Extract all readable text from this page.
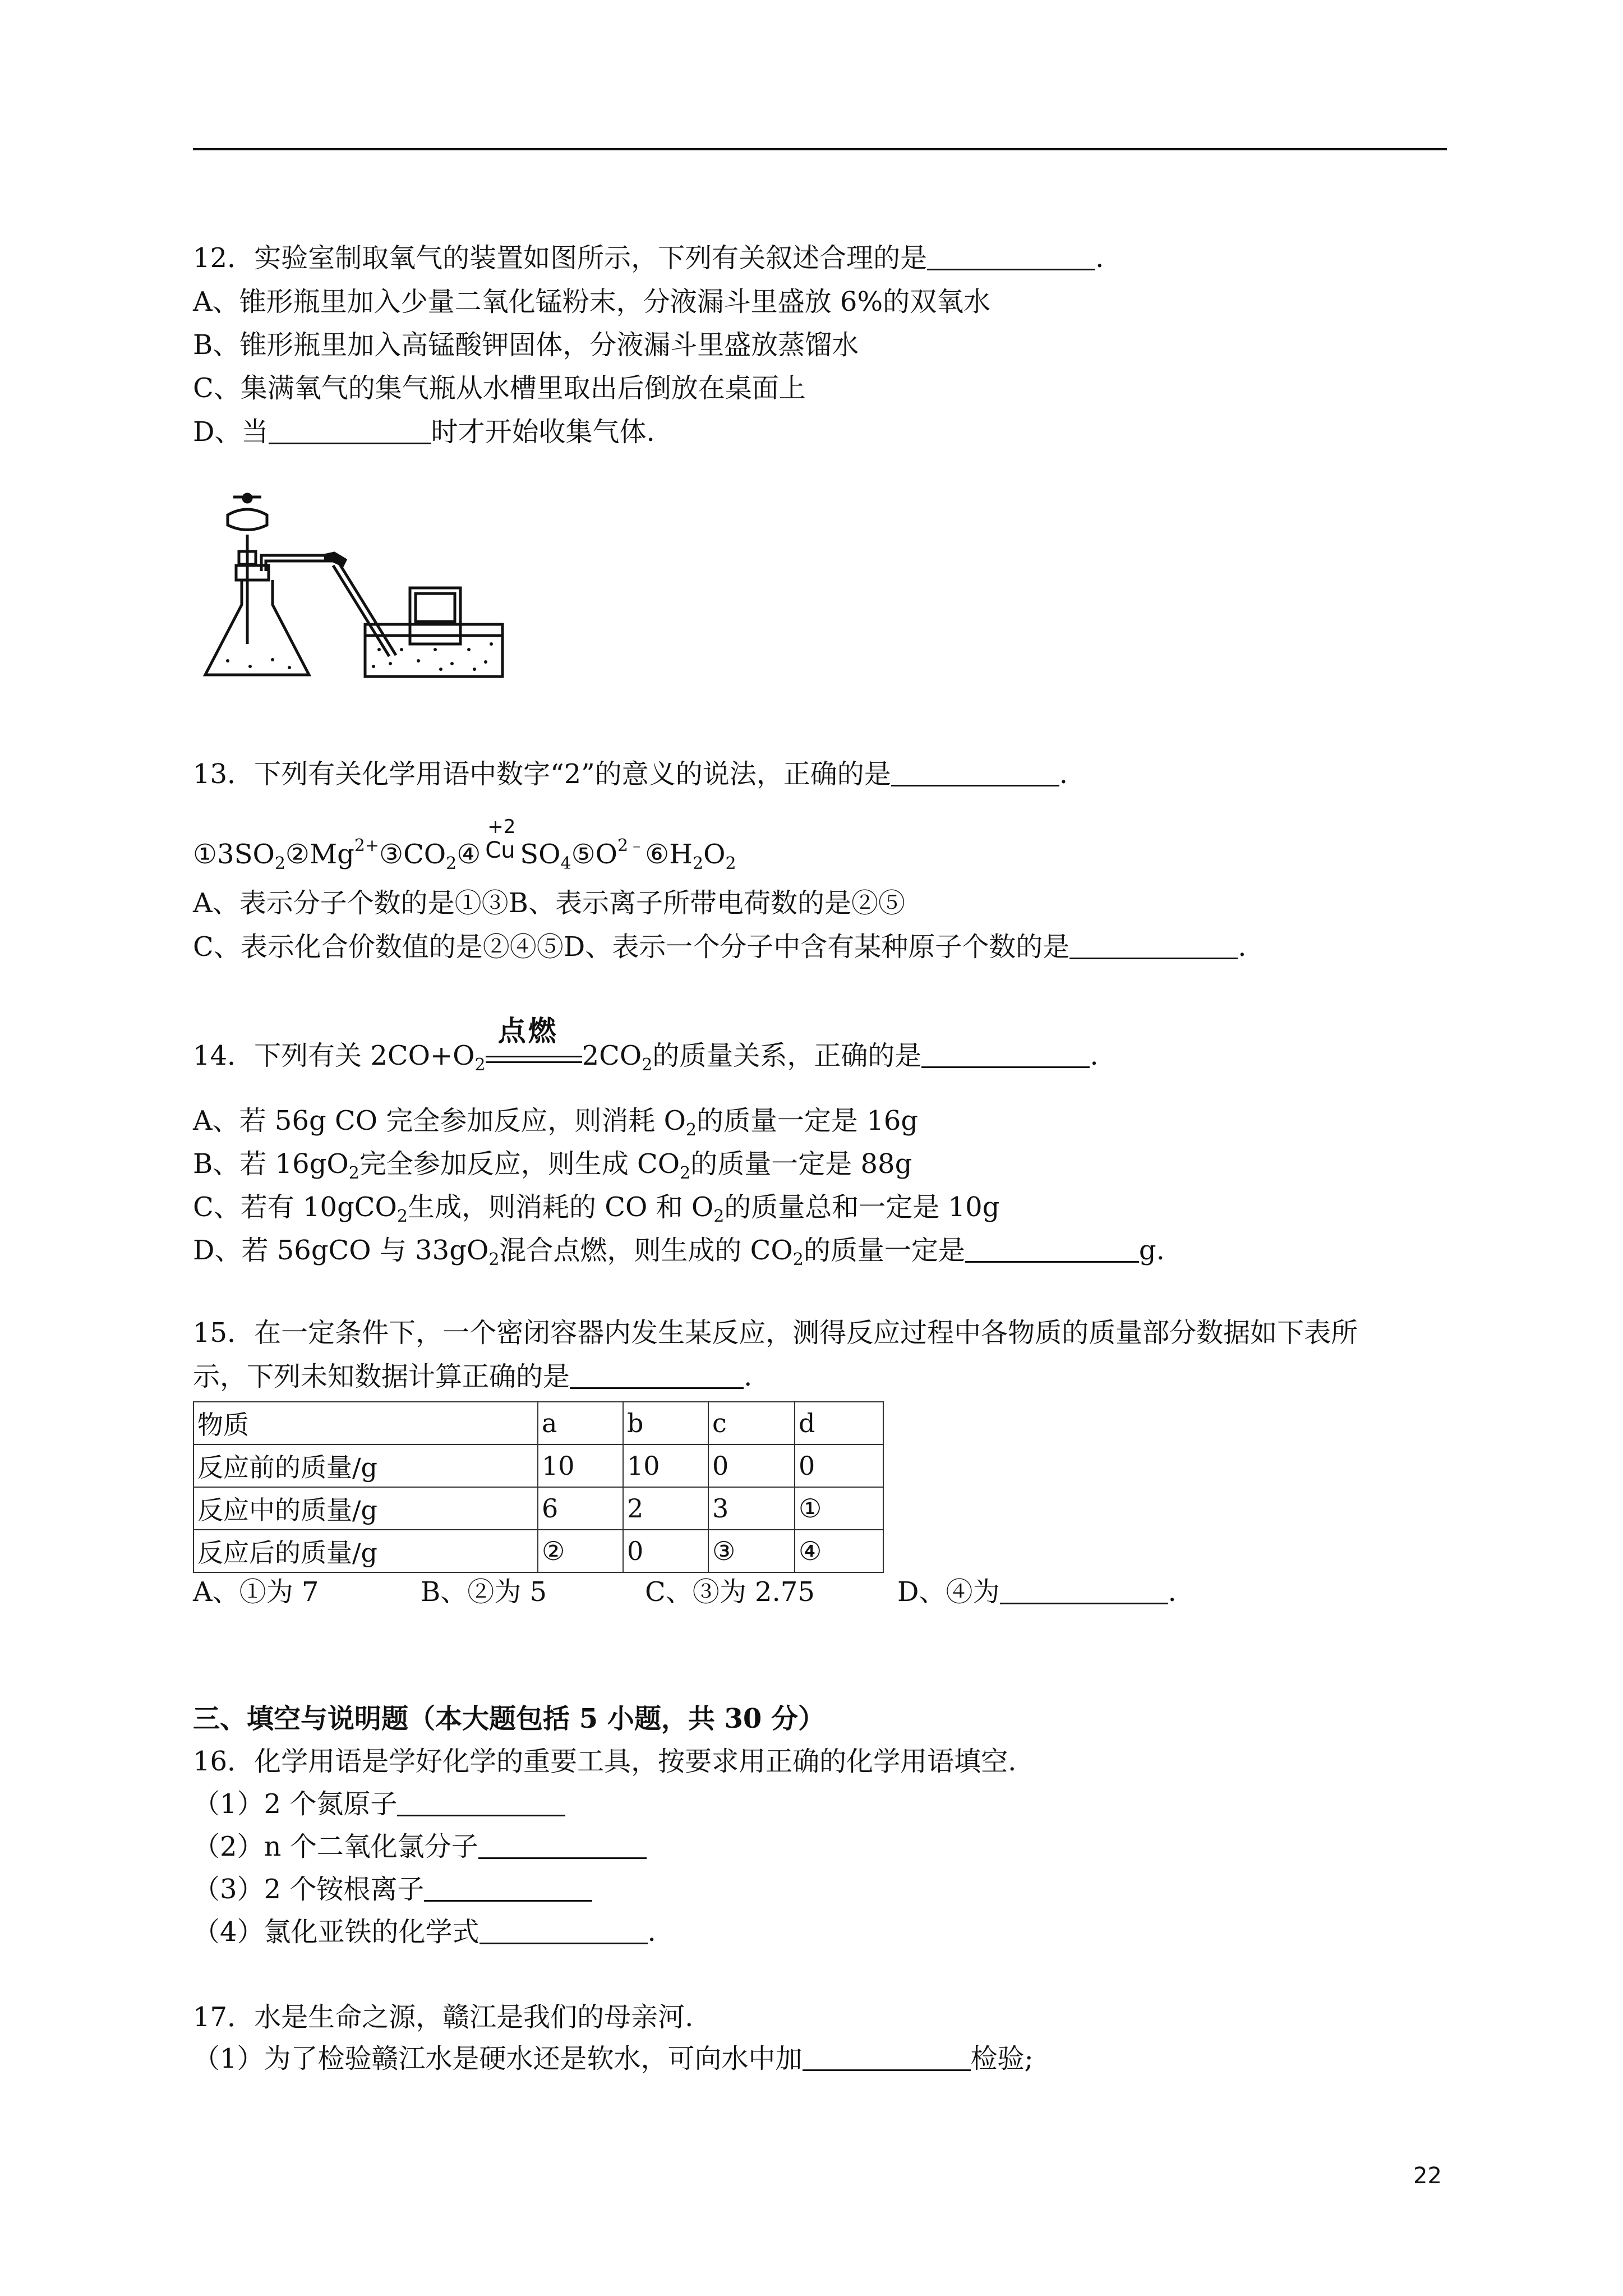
12．实验室制取氧气的装置如图所示，下列有关叙述合理的是	.
A、锥形瓶里加入少量二氧化锰粉末，分液漏斗里盛放 6%的双氧水
B、锥形瓶里加入高锰酸钾固体，分液漏斗里盛放蒸馏水
C、集满氧气的集气瓶从水槽里取出后倒放在桌面上
D、当	时才开始收集气体.
13．下列有关化学用语中数字“2”的意义的说法，正确的是	.
$①3SO_2②Mg^{2+}③CO_2④$
+2
Cu $SO_4⑤O^{2﹣}⑥H_2O_2$
A、表示分子个数的是①③B、表示离子所带电荷数的是②⑤
C、表示化合价数值的是②④⑤D、表示一个分子中含有某种原子个数的是	.
14．下列有关 $2CO+O_2$
点燃
$2CO_2$的质量关系，正确的是	.
A、若 56g CO 完全参加反应，则消耗 $O_2$的质量一定是 16g
B、若 $16gO_2$完全参加反应，则生成 $CO_2$的质量一定是 88g
C、若有 10gCO$_2$生成，则消耗的 CO 和 $O_2$的质量总和一定是 10g
D、若 56gCO 与 $33gO_2$混合点燃，则生成的 $CO_2$的质量一定是	g.
15．在一定条件下，一个密闭容器内发生某反应，测得反应过程中各物质的质量部分数据如下表所
示，下列未知数据计算正确的是	.
物质	a	b	c	d
反应前的质量/g	10	10	0	0
反应中的质量/g	6	2	3	①
反应后的质量/g	②	0	③	④
A、①为 7	B、②为 5	C、③为 2.75	D、④为	.
三、填空与说明题（本大题包括 5 小题，共 30 分）
16．化学用语是学好化学的重要工具，按要求用正确的化学用语填空.
（1）2 个氮原子
（2）n 个二氧化氯分子
（3）2 个铵根离子
（4）氯化亚铁的化学式	.
17．水是生命之源，赣江是我们的母亲河.
（1）为了检验赣江水是硬水还是软水，可向水中加	检验;
22
